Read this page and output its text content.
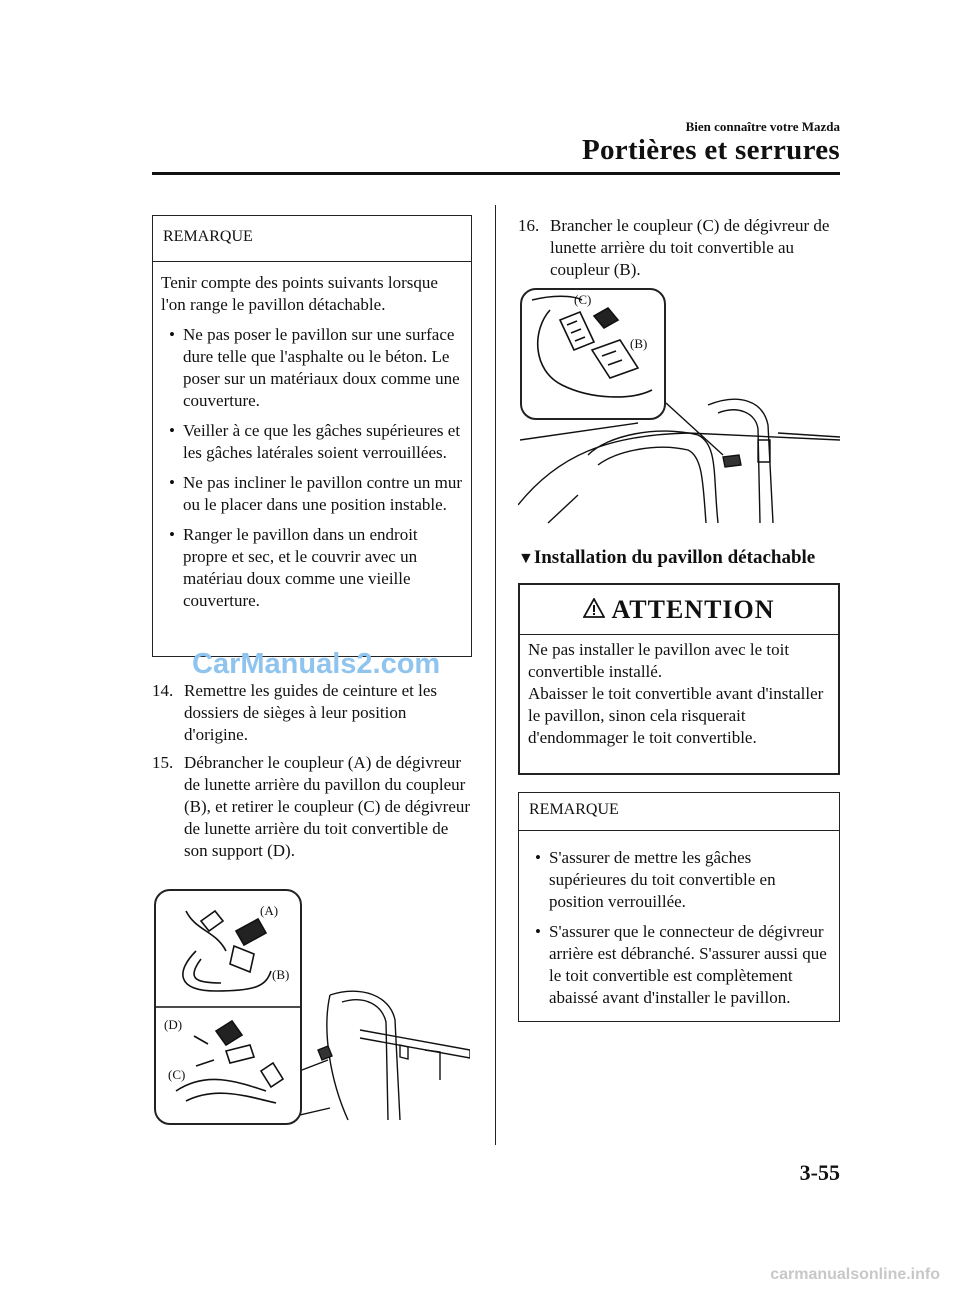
Bien connaître votre Mazda
Portières et serrures
REMARQUE
Tenir compte des points suivants lorsque l'on range le pavillon détachable.
• Ne pas poser le pavillon sur une surface dure telle que l'asphalte ou le béton. Le poser sur un matériaux doux comme une couverture.
• Veiller à ce que les gâches supérieures et les gâches latérales soient verrouillées.
• Ne pas incliner le pavillon contre un mur ou le placer dans une position instable.
• Ranger le pavillon dans un endroit propre et sec, et le couvrir avec un matériau doux comme une vieille couverture.
14. Remettre les guides de ceinture et les dossiers de sièges à leur position d'origine.
15. Débrancher le coupleur (A) de dégivreur de lunette arrière du pavillon du coupleur (B), et retirer le coupleur (C) de dégivreur de lunette arrière du toit convertible de son support (D).
(A)
(B)
(D)
(C)
CarManuals2.com
16. Brancher le coupleur (C) de dégivreur de lunette arrière du toit convertible au coupleur (B).
(C)
(B)
▼Installation du pavillon détachable
ATTENTION
Ne pas installer le pavillon avec le toit convertible installé.
Abaisser le toit convertible avant d'installer le pavillon, sinon cela risquerait d'endommager le toit convertible.
REMARQUE
• S'assurer de mettre les gâches supérieures du toit convertible en position verrouillée.
• S'assurer que le connecteur de dégivreur arrière est débranché. S'assurer aussi que le toit convertible est complètement abaissé avant d'installer le pavillon.
3-55
carmanualsonline.info
